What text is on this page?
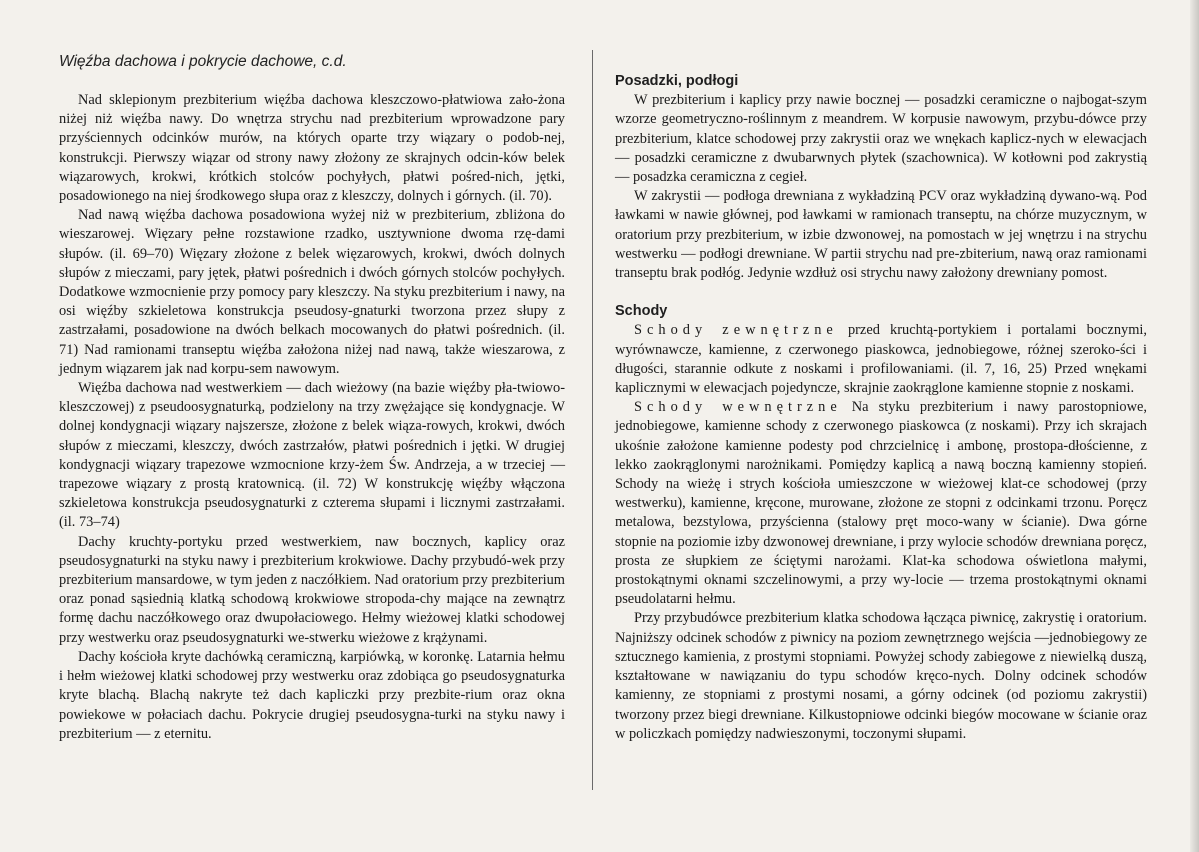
Więźba dachowa i pokrycie dachowe, c.d.

Nad sklepionym prezbiterium więźba dachowa kleszczowo-płatwiowa zało-żona niżej niż więźba nawy. Do wnętrza strychu nad prezbiterium wprowadzone pary przyściennych odcinków murów, na których oparte trzy wiązary o podob-nej, konstrukcji. Pierwszy wiązar od strony nawy złożony ze skrajnych odcin-ków belek wiązarowych, krokwi, krótkich stolców pochyłych, płatwi pośred-nich, jętki, posadowionego na niej środkowego słupa oraz z kleszczy, dolnych i górnych. (il. 70).

Nad nawą więźba dachowa posadowiona wyżej niż w prezbiterium, zbliżona do wieszarowej. Więzary pełne rozstawione rzadko, usztywnione dwoma rzę-dami słupów. (il. 69–70) Więzary złożone z belek więzarowych, krokwi, dwóch dolnych słupów z mieczami, pary jętek, płatwi pośrednich i dwóch górnych stolców pochyłych. Dodatkowe wzmocnienie przy pomocy pary kleszczy. Na styku prezbiterium i nawy, na osi więźby szkieletowa konstrukcja pseudosy-gnaturki tworzona przez słupy z zastrzałami, posadowione na dwóch belkach mocowanych do płatwi pośrednich. (il. 71) Nad ramionami transeptu więźba założona niżej nad nawą, także wieszarowa, z jednym wiązarem jak nad korpu-sem nawowym.

Więźba dachowa nad westwerkiem — dach wieżowy (na bazie więźby pła-twiowo-kleszczowej) z pseudoosygnaturką, podzielony na trzy zwężające się kondygnacje. W dolnej kondygnacji wiązary najszersze, złożone z belek wiąza-rowych, krokwi, dwóch słupów z mieczami, kleszczy, dwóch zastrzałów, płatwi pośrednich i jętki. W drugiej kondygnacji wiązary trapezowe wzmocnione krzy-żem Św. Andrzeja, a w trzeciej — trapezowe wiązary z prostą kratownicą. (il. 72) W konstrukcję więźby włączona szkieletowa konstrukcja pseudosygnaturki z czterema słupami i licznymi zastrzałami. (il. 73–74)

Dachy kruchty-portyku przed westwerkiem, naw bocznych, kaplicy oraz pseudosygnaturki na styku nawy i prezbiterium krokwiowe. Dachy przybudó-wek przy prezbiterium mansardowe, w tym jeden z naczółkiem. Nad oratorium przy prezbiterium oraz ponad sąsiednią klatką schodową krokwiowe stropoda-chy mające na zewnątrz formę dachu naczółkowego oraz dwupołaciowego. Hełmy wieżowej klatki schodowej przy westwerku oraz pseudosygnaturki we-stwerku wieżowe z krążynami.

Dachy kościoła kryte dachówką ceramiczną, karpiówką, w koronkę. Latarnia hełmu i hełm wieżowej klatki schodowej przy westwerku oraz zdobiąca go pseudosygnaturka kryte blachą. Blachą nakryte też dach kapliczki przy prezbite-rium oraz okna powiekowe w połaciach dachu. Pokrycie drugiej pseudosygna-turki na styku nawy i prezbiterium — z eternitu.

Posadzki, podłogi

W prezbiterium i kaplicy przy nawie bocznej — posadzki ceramiczne o najbogat-szym wzorze geometryczno-roślinnym z meandrem. W korpusie nawowym, przybu-dówce przy prezbiterium, klatce schodowej przy zakrystii oraz we wnękach kaplicz-nych w elewacjach — posadzki ceramiczne z dwubarwnych płytek (szachownica). W kotłowni pod zakrystią — posadzka ceramiczna z cegieł.

W zakrystii — podłoga drewniana z wykładziną PCV oraz wykładziną dywano-wą. Pod ławkami w nawie głównej, pod ławkami w ramionach transeptu, na chórze muzycznym, w oratorium przy prezbiterium, w izbie dzwonowej, na pomostach w jej wnętrzu i na strychu westwerku — podłogi drewniane. W partii strychu nad pre-zbiterium, nawą oraz ramionami transeptu brak podłóg. Jedynie wzdłuż osi strychu nawy założony drewniany pomost.

Schody

Schody zewnętrzne przed kruchtą-portykiem i portalami bocznymi, wyrównawcze, kamienne, z czerwonego piaskowca, jednobiegowe, różnej szeroko-ści i długości, starannie odkute z noskami i profilowaniami. (il. 7, 16, 25) Przed wnękami kaplicznymi w elewacjach pojedyncze, skrajnie zaokrąglone kamienne stopnie z noskami.

Schody wewnętrzne Na styku prezbiterium i nawy parostopniowe, jednobiegowe, kamienne schody z czerwonego piaskowca (z noskami). Przy ich skrajach ukośnie założone kamienne podesty pod chrzcielnicę i ambonę, prostopa-dłościenne, z lekko zaokrąglonymi narożnikami. Pomiędzy kaplicą a nawą boczną kamienny stopień. Schody na wieżę i strych kościoła umieszczone w wieżowej klat-ce schodowej (przy westwerku), kamienne, kręcone, murowane, złożone ze stopni z odcinkami trzonu. Poręcz metalowa, bezstylowa, przyścienna (stalowy pręt moco-wany w ścianie). Dwa górne stopnie na poziomie izby dzwonowej drewniane, i przy wylocie schodów drewniana poręcz, prosta ze słupkiem ze ściętymi narożami. Klat-ka schodowa oświetlona małymi, prostokątnymi oknami szczelinowymi, a przy wy-locie — trzema prostokątnymi oknami pseudolatarni hełmu.

Przy przybudówce prezbiterium klatka schodowa łącząca piwnicę, zakrystię i oratorium. Najniższy odcinek schodów z piwnicy na poziom zewnętrznego wejścia —jednobiegowy ze sztucznego kamienia, z prostymi stopniami. Powyżej schody zabiegowe z niewielką duszą, kształtowane w nawiązaniu do typu schodów kręco-nych. Dolny odcinek schodów kamienny, ze stopniami z prostymi nosami, a górny odcinek (od poziomu zakrystii) tworzony przez biegi drewniane. Kilkustopniowe odcinki biegów mocowane w ścianie oraz w policzkach pomiędzy nadwieszonymi, toczonymi słupami.
